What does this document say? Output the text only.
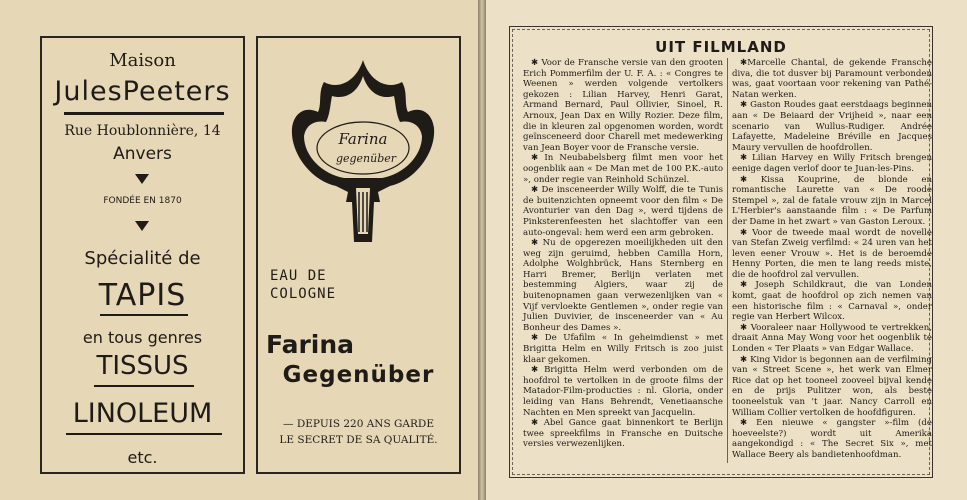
Maison
JulesPeeters
Rue Houblonnière, 14
Anvers
FONDÉE EN 1870
Spécialité de
TAPIS
en tous genres
TISSUS
LINOLEUM
etc.
Farina
gegenüber
EAU DE
COLOGNE
Farina
Gegenüber
— DEPUIS 220 ANS GARDE
LE SECRET DE SA QUALITÉ.
UIT FILMLAND

✱ Voor de Fransche versie van den grooten Erich Pommerfilm der U. F. A. : « Congres te Weenen » werden volgende vertolkers gekozen : Lilian Harvey, Henri Garat, Armand Bernard, Paul Ollivier, Sinoel, R. Arnoux, Jean Dax en Willy Rozier. Deze film, die in kleuren zal opgenomen worden, wordt geïnsceneerd door Charell met medewerking van Jean Boyer voor de Fransche versie.

✱ In Neubabelsberg filmt men voor het oogenblik aan « De Man met de 100 P.K.-auto », onder regie van Reinhold Schünzel.

✱ De insceneerder Willy Wolff, die te Tunis de buitenzichten opneemt voor den film « De Avonturier van den Dag », werd tijdens de Pinksterenfeesten het slachtoffer van een auto-ongeval: hem werd een arm gebroken.

✱ Nu de opgerezen moeilijkheden uit den weg zijn geruimd, hebben Camilla Horn, Adolphe Wolghbrück, Hans Sternberg en Harri Bremer, Berlijn verlaten met bestemming Algiers, waar zij de buitenopnamen gaan verwezenlijken van « Vijf vervloekte Gentlemen », onder regie van Julien Duvivier, de insceneerder van « Au Bonheur des Dames ».

✱ De Ufafilm « In geheimdienst » met Brigitta Helm en Willy Fritsch is zoo juist klaar gekomen.

✱ Brigitta Helm werd verbonden om de hoofdrol te vertolken in de groote films der Matador-Film-producties : nl. Gloria, onder leiding van Hans Behrendt, Venetiaansche Nachten en Men spreekt van Jacquelin.

✱ Abel Gance gaat binnenkort te Berlijn twee spreekfilms in Fransche en Duitsche versies verwezenlijken.

✱Marcelle Chantal, de gekende Fransche diva, die tot dusver bij Paramount verbonden was, gaat voortaan voor rekening van Pathé-Natan werken.

✱ Gaston Roudes gaat eerstdaags beginnen aan « De Beiaard der Vrijheid », naar een scenario van Wullus-Rudiger. Andrée Lafayette, Madeleine Bréville en Jacques Maury vervullen de hoofdrollen.

✱ Lilian Harvey en Willy Fritsch brengen eenige dagen verlof door te Juan-les-Pins.

✱ Kissa Kouprine, de blonde en romantische Laurette van « De roode Stempel », zal de fatale vrouw zijn in Marcel L'Herbier's aanstaande film : « De Parfum der Dame in het zwart » van Gaston Leroux.

✱ Voor de tweede maal wordt de novelle van Stefan Zweig verfilmd: « 24 uren van het leven eener Vrouw ». Het is de beroemde Henny Porten, die men te lang reeds miste, die de hoofdrol zal vervullen.

✱ Joseph Schildkraut, die van Londen komt, gaat de hoofdrol op zich nemen van een historische film : « Carnaval », onder regie van Herbert Wilcox.

✱ Vooraleer naar Hollywood te vertrekken, draait Anna May Wong voor het oogenblik te Londen « Ter Plaats » van Edgar Wallace.

✱ King Vidor is begonnen aan de verfilming van « Street Scene », het werk van Elmer Rice dat op het tooneel zooveel bijval kende en de prijs Pulitzer won, als beste tooneelstuk van 't jaar. Nancy Carroll en William Collier vertolken de hoofdfiguren.

✱ Een nieuwe « gangster »-film (de hoeveelste?) wordt uit Amerika aangekondigd : « The Secret Six », met Wallace Beery als bandietenhoofdman.
